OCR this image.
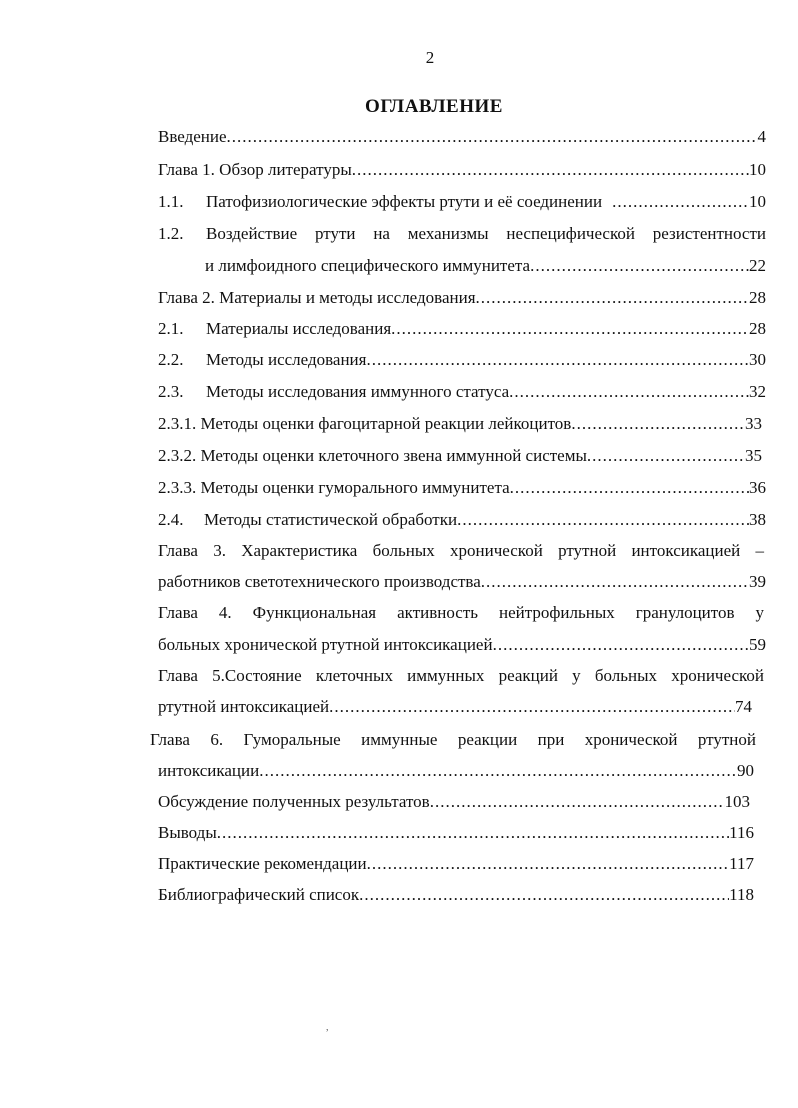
2
ОГЛАВЛЕНИЕ
Введение .....	4
Глава 1. Обзор литературы .....	10
1.1.	Патофизиологические эффекты ртути и её соединении .....	10
1.2.	Воздействие ртути на механизмы неспецифической резистентности
и лимфоидного специфического иммунитета .....	22
Глава 2. Материалы и методы исследования .....	28
2.1.	Материалы исследования .....	28
2.2.	Методы исследования .....	30
2.3.	Методы исследования иммунного статуса .....	32
2.3.1. Методы оценки фагоцитарной реакции лейкоцитов .....	33
2.3.2. Методы оценки клеточного звена иммунной системы .....	35
2.3.3. Методы оценки гуморального иммунитета .....	36
2.4.	Методы статистической обработки .....	38
Глава 3. Характеристика больных хронической ртутной интоксикацией –
работников светотехнического производства .....	39
Глава 4. Функциональная активность нейтрофильных гранулоцитов у
больных хронической ртутной интоксикацией .....	59
Глава 5.Состояние клеточных иммунных реакций у больных хронической
ртутной интоксикацией .....	74
Глава 6. Гуморальные иммунные реакции при хронической ртутной
интоксикации .....	90
Обсуждение полученных результатов .....	103
Выводы .....	116
Практические рекомендации .....	117
Библиографический список .....	118
,
